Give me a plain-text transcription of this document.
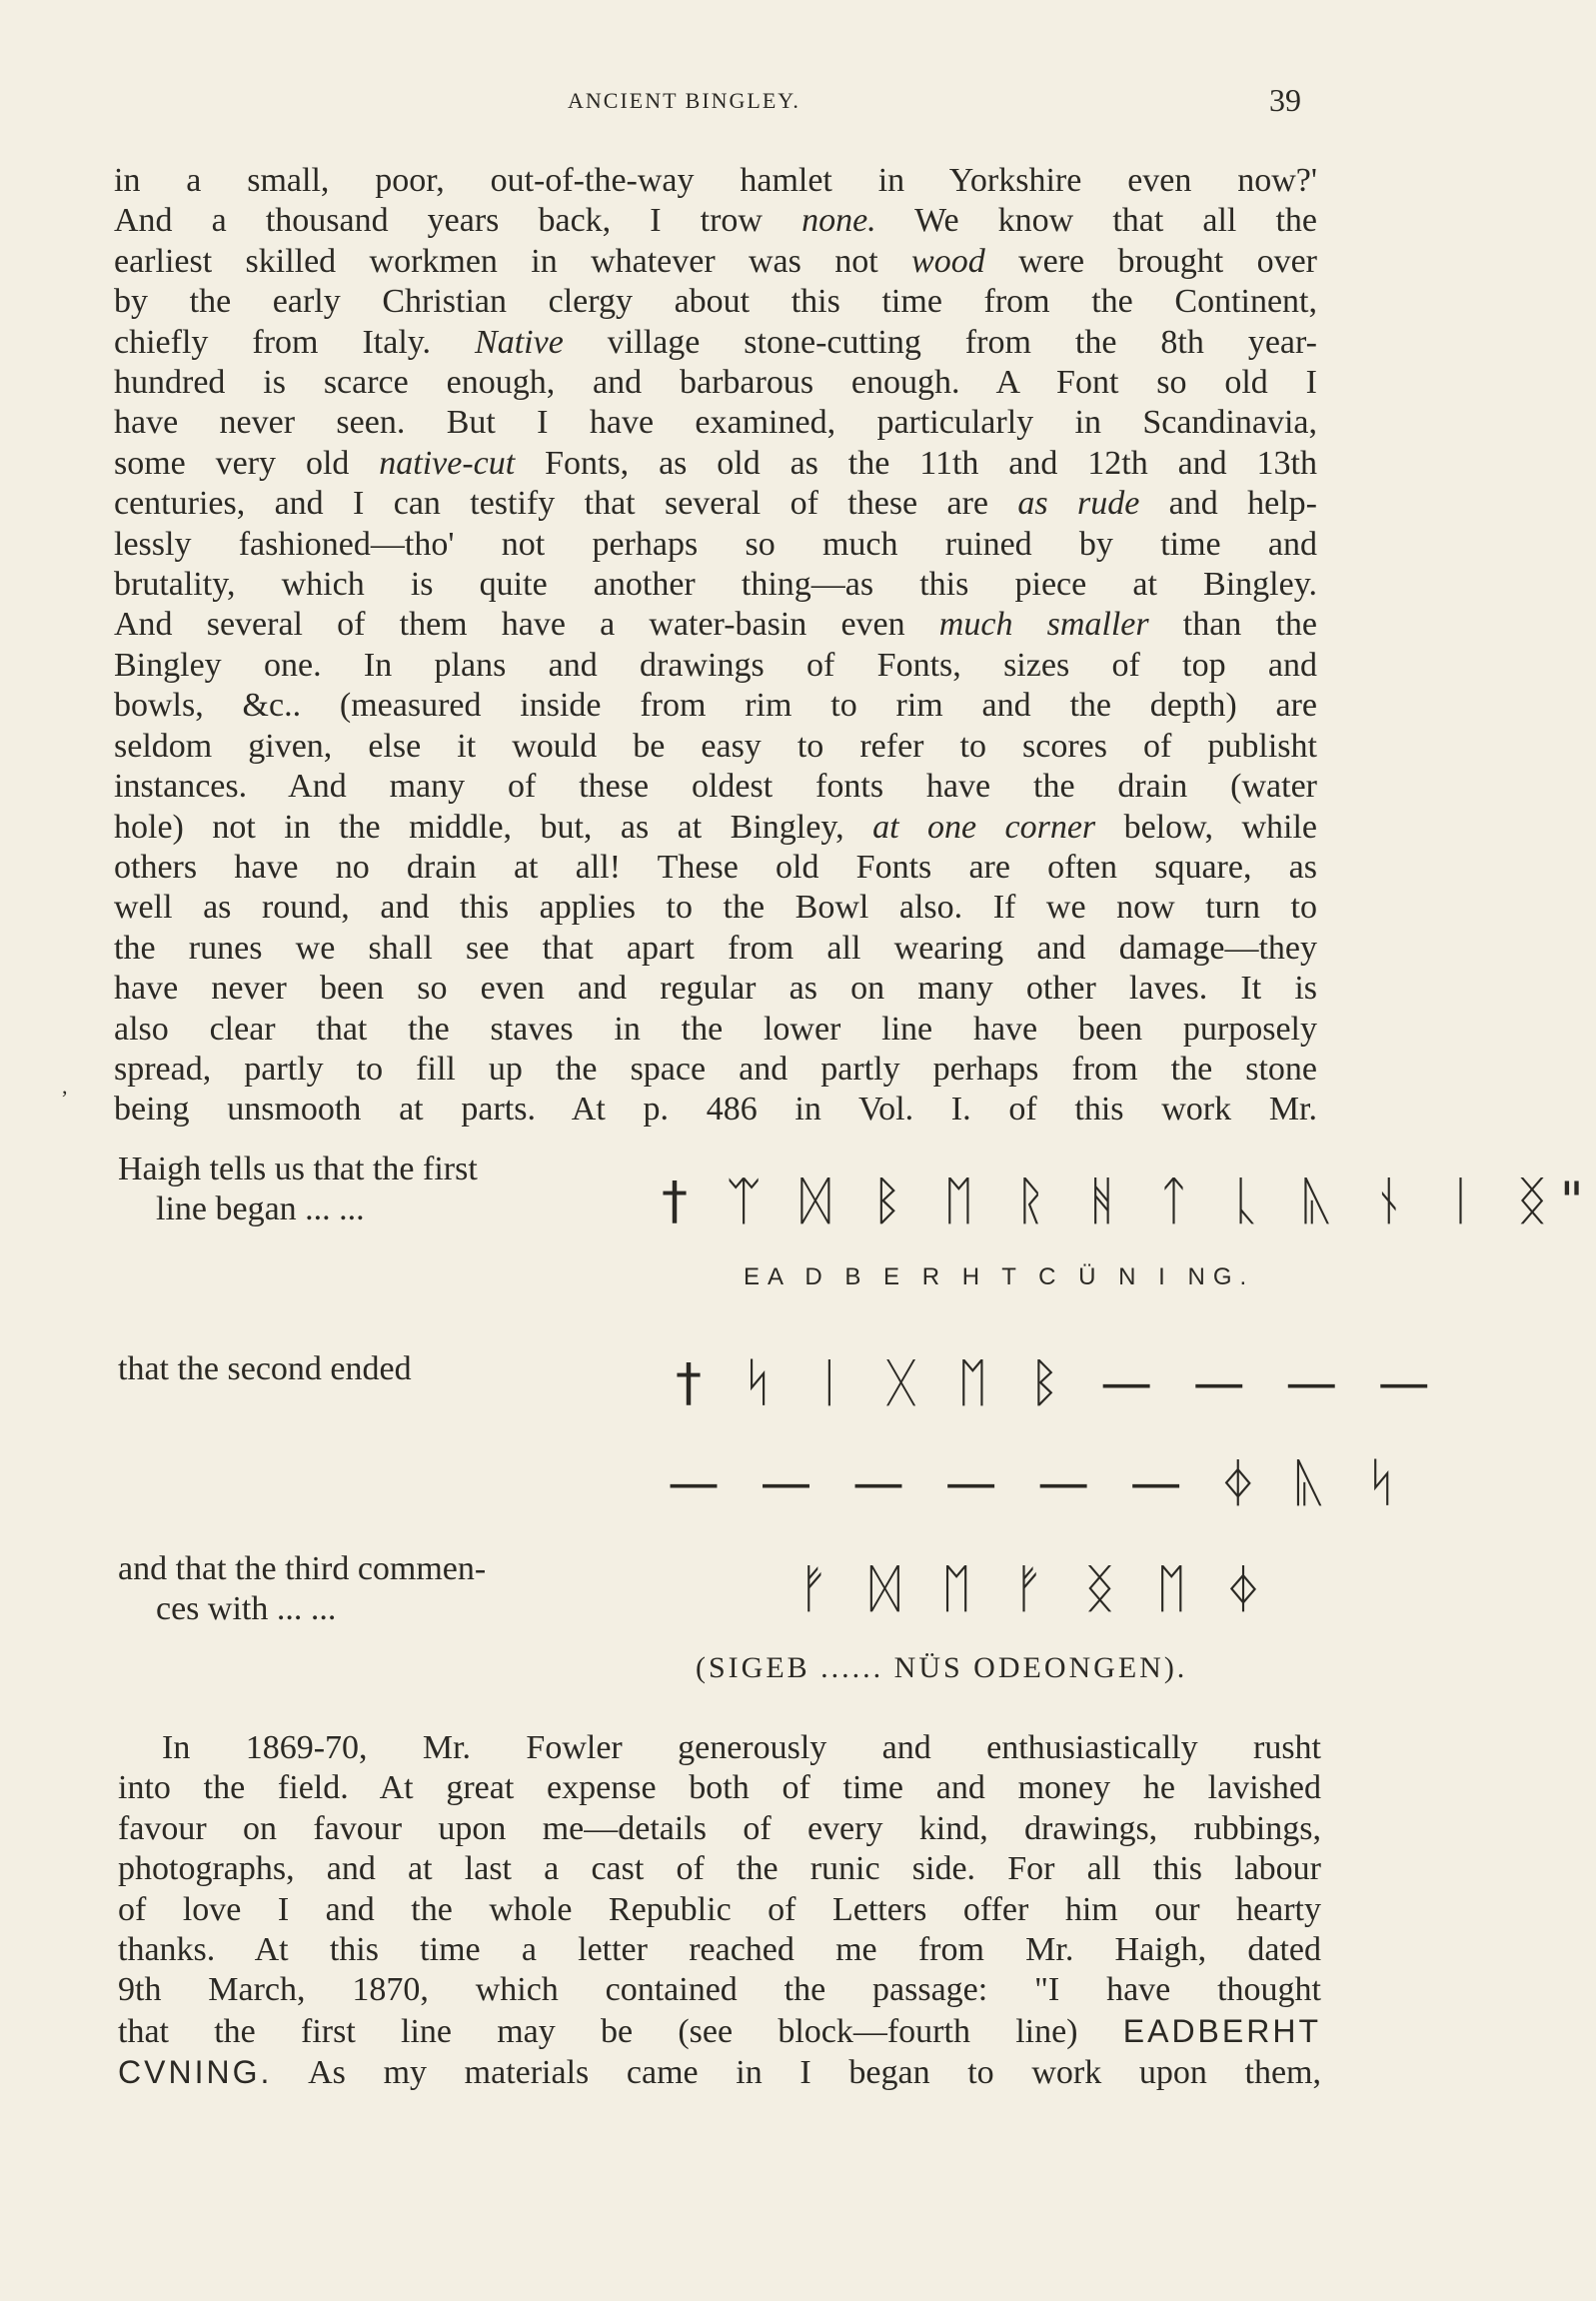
ANCIENT BINGLEY.	39
in a small, poor, out-of-the-way hamlet in Yorkshire even now?'
And a thousand years back, I trow none. We know that all the
earliest skilled workmen in whatever was not wood were brought over
by the early Christian clergy about this time from the Continent,
chiefly from Italy. Native village stone-cutting from the 8th year-
hundred is scarce enough, and barbarous enough. A Font so old I
have never seen. But I have examined, particularly in Scandinavia,
some very old native-cut Fonts, as old as the 11th and 12th and 13th
centuries, and I can testify that several of these are as rude and help-
lessly fashioned—tho' not perhaps so much ruined by time and
brutality, which is quite another thing—as this piece at Bingley.
And several of them have a water-basin even much smaller than the
Bingley one. In plans and drawings of Fonts, sizes of top and
bowls, &c.. (measured inside from rim to rim and the depth) are
seldom given, else it would be easy to refer to scores of publisht
instances. And many of these oldest fonts have the drain (water
hole) not in the middle, but, as at Bingley, at one corner below, while
others have no drain at all! These old Fonts are often square, as
well as round, and this applies to the Bowl also. If we now turn to
the runes we shall see that apart from all wearing and damage—they
have never been so even and regular as on many other laves. It is
also clear that the staves in the lower line have been purposely
spread, partly to fill up the space and partly perhaps from the stone
being unsmooth at parts. At p. 486 in Vol. I. of this work Mr.
,
Haigh tells us that the first
line began ... ...	† ᛠ ᛞ ᛒ ᛖ ᚱ ᚻ ᛏ ᚳ ᚣ ᚾ ᛁ ᛝ"
EA D B E R H T C Ü N I NG.
that the second ended	† ᛋ ᛁ ᚷ ᛖ ᛒ — — — —
— — — — — — ᛄ ᚣ ᛋ
and that the third commen-
ces with ... ...	ᚠ ᛞ ᛖ ᚠ ᛝ ᛖ ᛄ
(SIGEB ...... NÜS ODEONGEN).
In 1869-70, Mr. Fowler generously and enthusiastically rusht
into the field. At great expense both of time and money he lavished
favour on favour upon me—details of every kind, drawings, rubbings,
photographs, and at last a cast of the runic side. For all this labour
of love I and the whole Republic of Letters offer him our hearty
thanks. At this time a letter reached me from Mr. Haigh, dated
9th March, 1870, which contained the passage: "I have thought
that the first line may be (see block—fourth line) EADBERHT
CVNING. As my materials came in I began to work upon them,
